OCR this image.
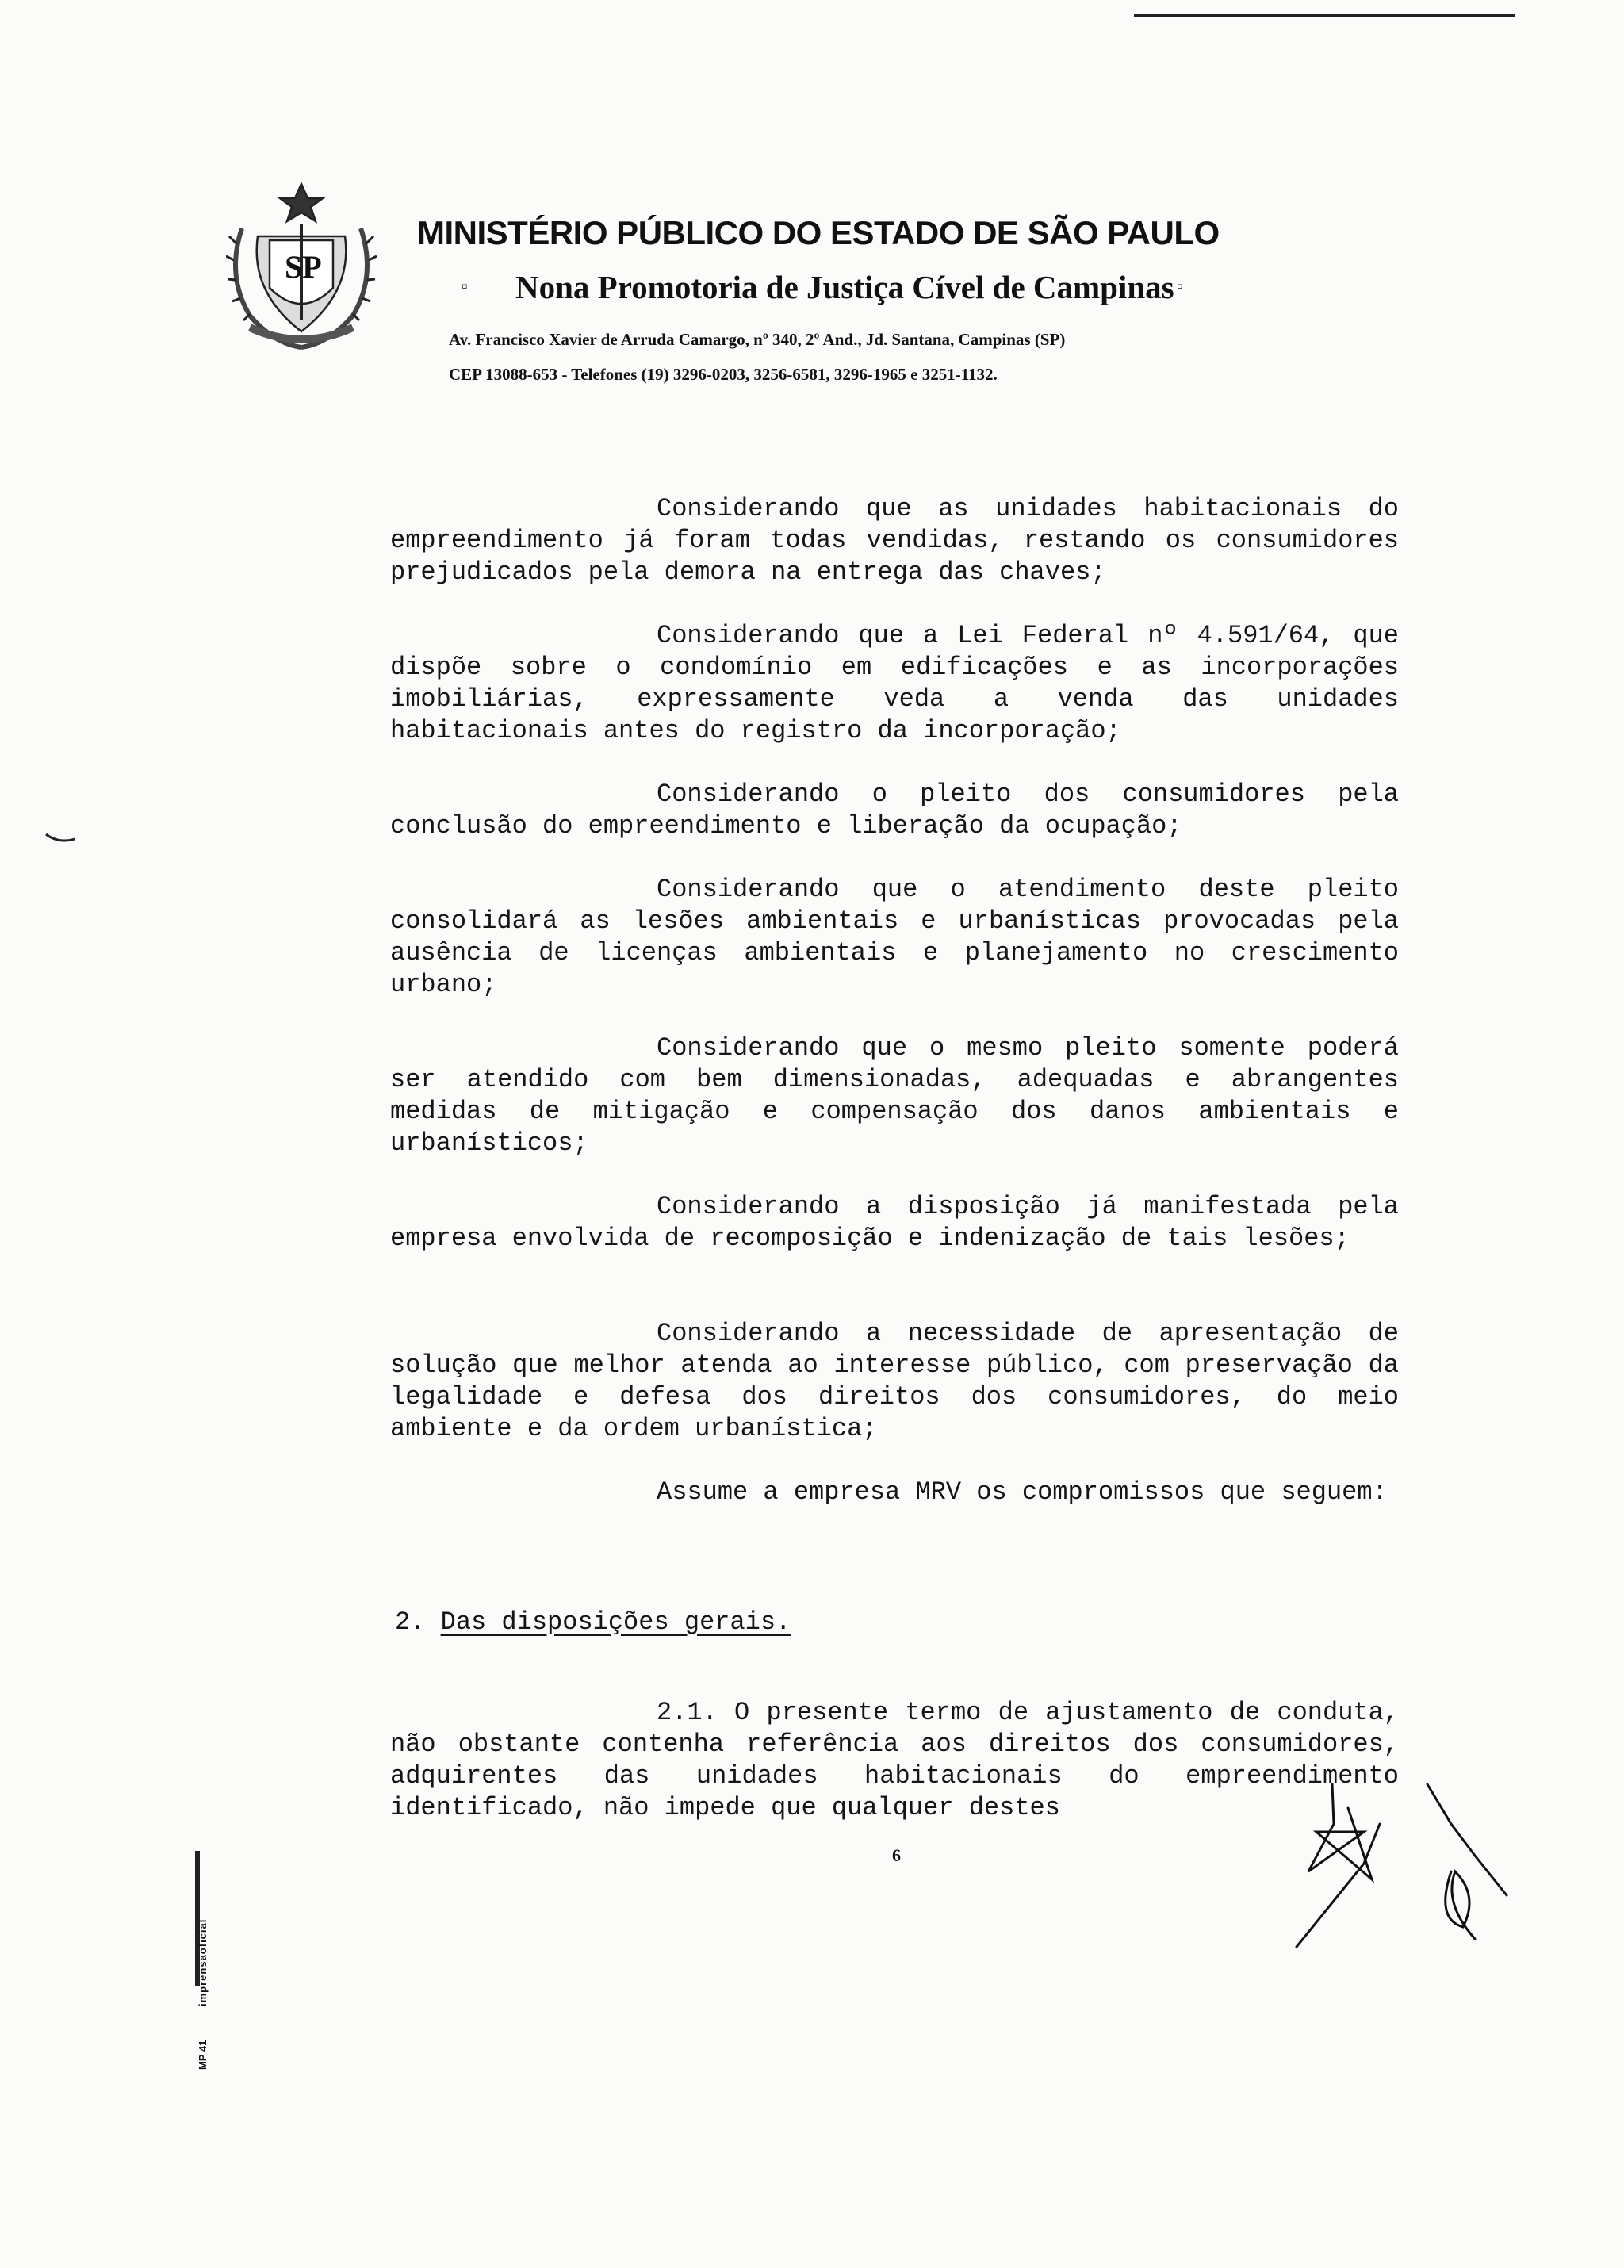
SP
MINISTÉRIO PÚBLICO DO ESTADO DE SÃO PAULO
▫ Nona Promotoria de Justiça Cível de Campinas ▫
Av. Francisco Xavier de Arruda Camargo, nº 340, 2º And., Jd. Santana, Campinas (SP)
CEP 13088-653 - Telefones (19) 3296-0203, 3256-6581, 3296-1965 e 3251-1132.

Considerando que as unidades habitacionais do empreendimento já foram todas vendidas, restando os consumidores prejudicados pela demora na entrega das chaves;

Considerando que a Lei Federal nº 4.591/64, que dispõe sobre o condomínio em edificações e as incorporações imobiliárias, expressamente veda a venda das unidades habitacionais antes do registro da incorporação;

Considerando o pleito dos consumidores pela conclusão do empreendimento e liberação da ocupação;

Considerando que o atendimento deste pleito consolidará as lesões ambientais e urbanísticas provocadas pela ausência de licenças ambientais e planejamento no crescimento urbano;

Considerando que o mesmo pleito somente poderá ser atendido com bem dimensionadas, adequadas e abrangentes medidas de mitigação e compensação dos danos ambientais e urbanísticos;

Considerando a disposição já manifestada pela empresa envolvida de recomposição e indenização de tais lesões;

Considerando a necessidade de apresentação de solução que melhor atenda ao interesse público, com preservação da legalidade e defesa dos direitos dos consumidores, do meio ambiente e da ordem urbanística;

Assume a empresa MRV os compromissos que seguem:

2. Das disposições gerais.

2.1. O presente termo de ajustamento de conduta, não obstante contenha referência aos direitos dos consumidores, adquirentes das unidades habitacionais do empreendimento identificado, não impede que qualquer destes

6
imprensaoficial
MP 41
